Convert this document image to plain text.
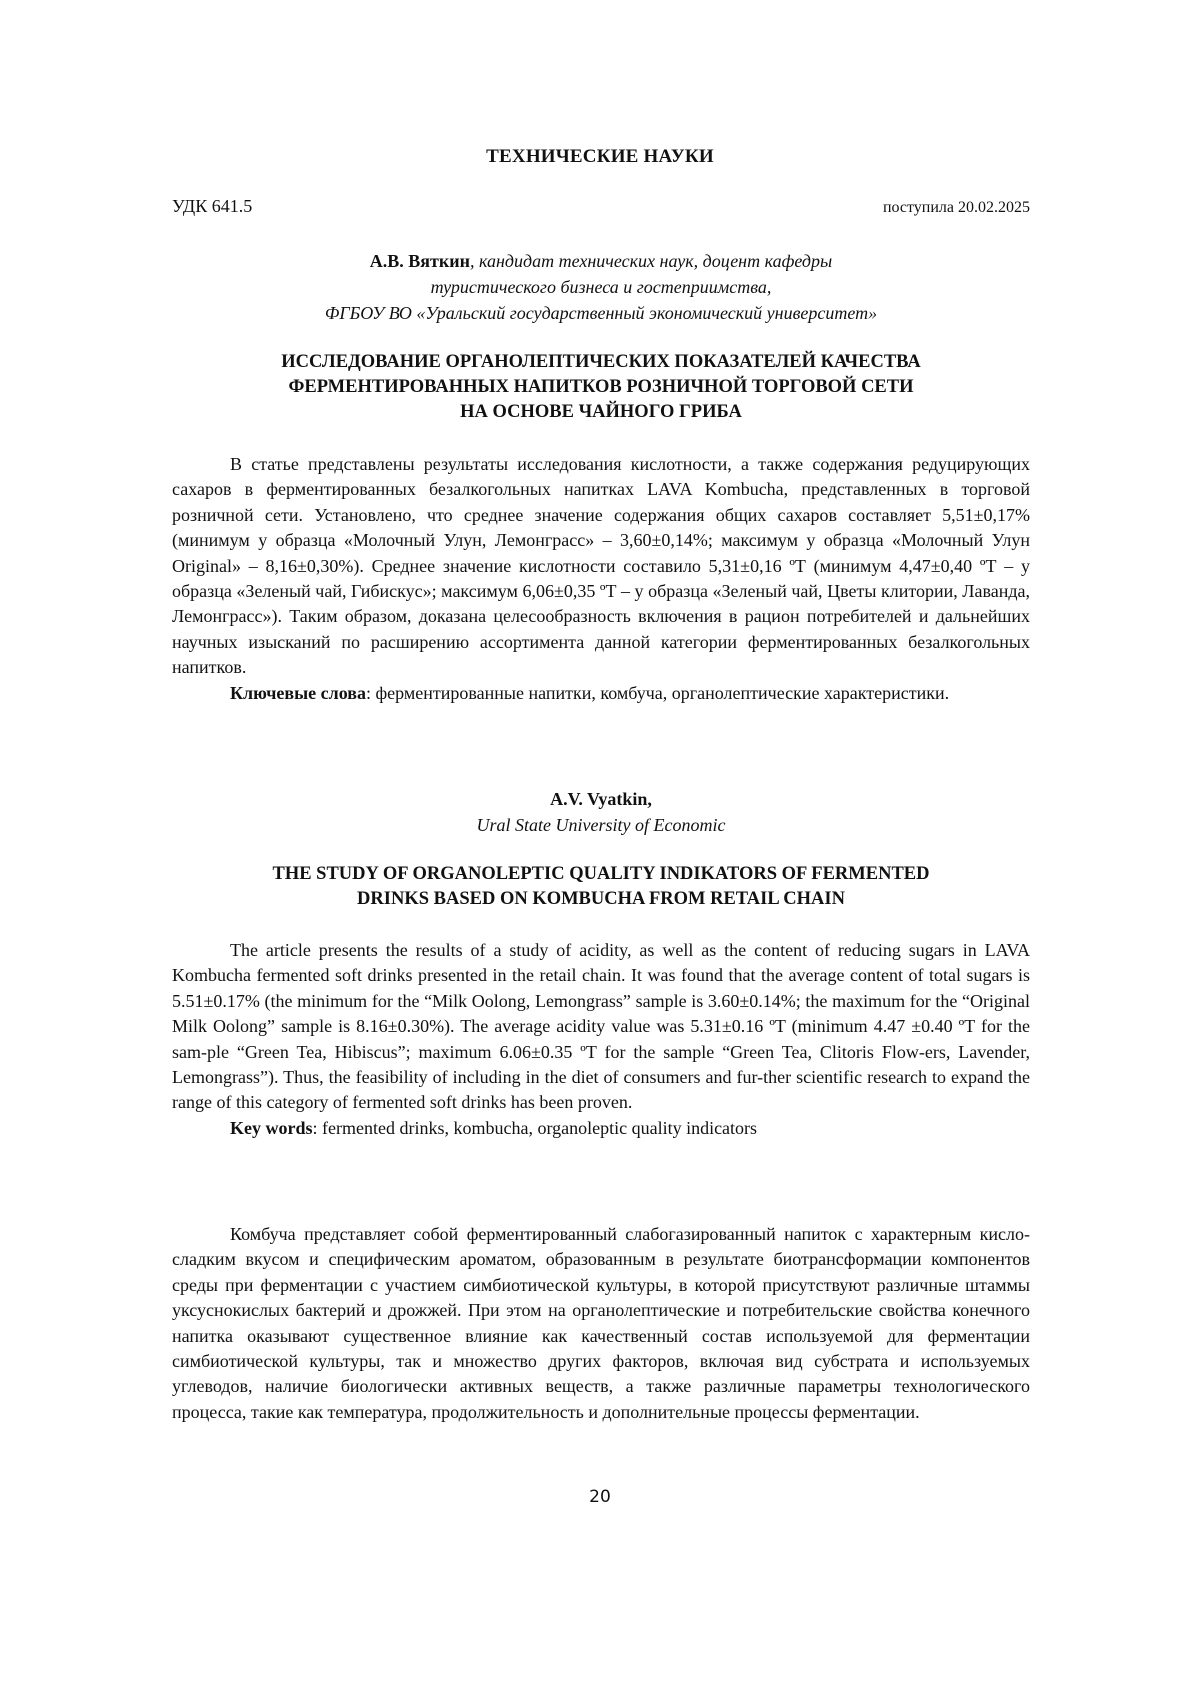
ТЕХНИЧЕСКИЕ НАУКИ
УДК 641.5	поступила 20.02.2025
А.В. Вяткин, кандидат технических наук, доцент кафедры
туристического бизнеса и гостеприимства,
ФГБОУ ВО «Уральский государственный экономический университет»
ИССЛЕДОВАНИЕ ОРГАНОЛЕПТИЧЕСКИХ ПОКАЗАТЕЛЕЙ КАЧЕСТВА
ФЕРМЕНТИРОВАННЫХ НАПИТКОВ РОЗНИЧНОЙ ТОРГОВОЙ СЕТИ
НА ОСНОВЕ ЧАЙНОГО ГРИБА

В статье представлены результаты исследования кислотности, а также содержания редуцирующих сахаров в ферментированных безалкогольных напитках LAVA Kombucha, представленных в торговой розничной сети. Установлено, что среднее значение содержания общих сахаров составляет 5,51±0,17% (минимум у образца «Молочный Улун, Лемонграсс» – 3,60±0,14%; максимум у образца «Молочный Улун Original» – 8,16±0,30%). Среднее значение кислотности составило 5,31±0,16 ºТ (минимум 4,47±0,40 ºТ – у образца «Зеленый чай, Гибискус»; максимум 6,06±0,35 ºТ – у образца «Зеленый чай, Цветы клитории, Лаванда, Лемонграсс»). Таким образом, доказана целесообразность включения в рацион потребителей и дальнейших научных изысканий по расширению ассортимента данной категории ферментированных безалкогольных напитков.

Ключевые слова: ферментированные напитки, комбуча, органолептические характеристики.

A.V. Vyatkin,
Ural State University of Economic
THE STUDY OF ORGANOLEPTIC QUALITY INDIKATORS OF FERMENTED
DRINKS BASED ON KOMBUCHA FROM RETAIL CHAIN

The article presents the results of a study of acidity, as well as the content of reducing sugars in LAVA Kombucha fermented soft drinks presented in the retail chain. It was found that the average content of total sugars is 5.51±0.17% (the minimum for the “Milk Oolong, Lemongrass” sample is 3.60±0.14%; the maximum for the “Original Milk Oolong” sample is 8.16±0.30%). The average acidity value was 5.31±0.16 ºT (minimum 4.47 ±0.40 ºT for the sam-ple “Green Tea, Hibiscus”; maximum 6.06±0.35 ºT for the sample “Green Tea, Clitoris Flow-ers, Lavender, Lemongrass”). Thus, the feasibility of including in the diet of consumers and fur-ther scientific research to expand the range of this category of fermented soft drinks has been proven.

Key words: fermented drinks, kombucha, organoleptic quality indicators

Комбуча представляет собой ферментированный слабогазированный напиток с характерным кисло-сладким вкусом и специфическим ароматом, образованным в результате биотрансформации компонентов среды при ферментации с участием симбиотической культуры, в которой присутствуют различные штаммы уксуснокислых бактерий и дрожжей. При этом на органолептические и потребительские свойства конечного напитка оказывают существенное влияние как качественный состав используемой для ферментации симбиотической культуры, так и множество других факторов, включая вид субстрата и используемых углеводов, наличие биологически активных веществ, а также различные параметры технологического процесса, такие как температура, продолжительность и дополнительные процессы ферментации.

20
